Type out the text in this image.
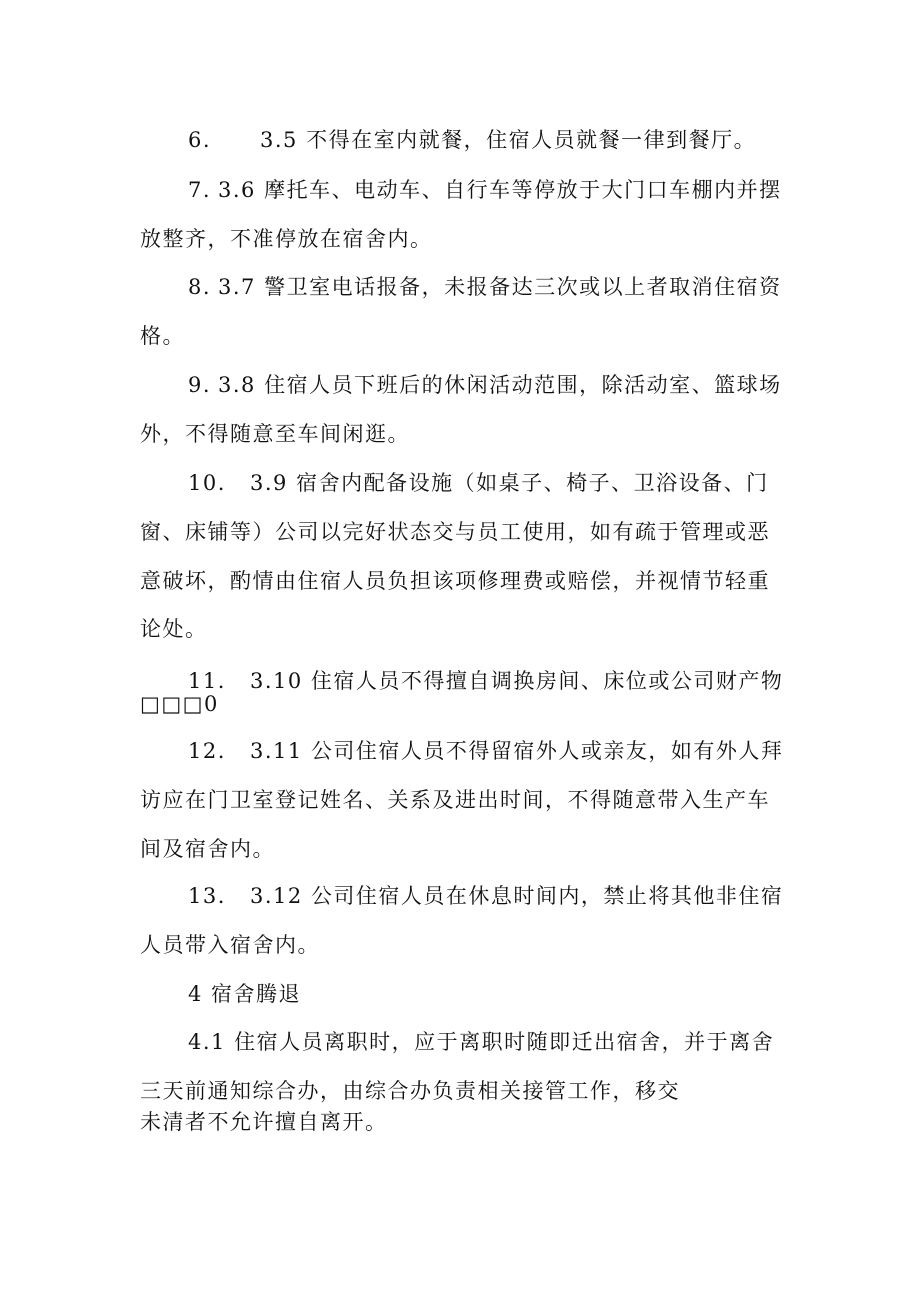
6. 3.5 不得在室内就餐，住宿人员就餐一律到餐厅。
7. 3.6 摩托车、电动车、自行车等停放于大门口车棚内并摆
放整齐，不准停放在宿舍内。
8. 3.7 警卫室电话报备，未报备达三次或以上者取消住宿资
格。
9. 3.8 住宿人员下班后的休闲活动范围，除活动室、篮球场
外，不得随意至车间闲逛。
10. 3.9 宿舍内配备设施（如桌子、椅子、卫浴设备、门
窗、床铺等）公司以完好状态交与员工使用，如有疏于管理或恶
意破坏，酌情由住宿人员负担该项修理费或赔偿，并视情节轻重
论处。
11. 3.10 住宿人员不得擅自调换房间、床位或公司财产物
□□□0
12. 3.11 公司住宿人员不得留宿外人或亲友，如有外人拜
访应在门卫室登记姓名、关系及进出时间，不得随意带入生产车
间及宿舍内。
13. 3.12 公司住宿人员在休息时间内，禁止将其他非住宿
人员带入宿舍内。
4 宿舍腾退
4.1 住宿人员离职时，应于离职时随即迁出宿舍，并于离舍
三天前通知综合办，由综合办负责相关接管工作，移交
未清者不允许擅自离开。
